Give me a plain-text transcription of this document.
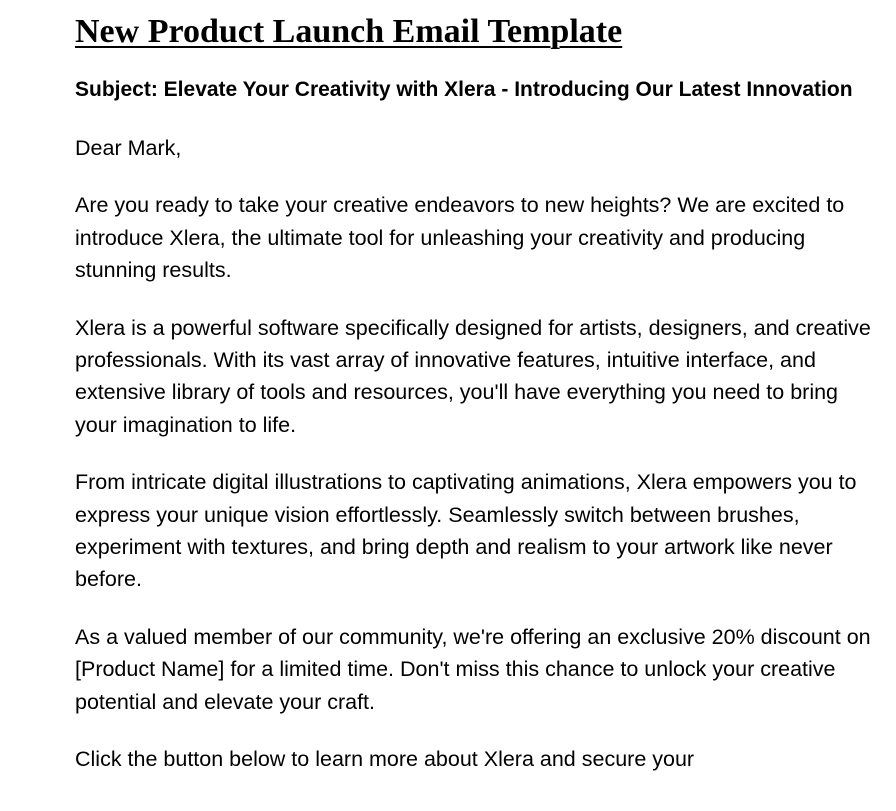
New Product Launch Email Template
Subject: Elevate Your Creativity with Xlera - Introducing Our Latest Innovation
Dear Mark,
Are you ready to take your creative endeavors to new heights? We are excited to introduce Xlera, the ultimate tool for unleashing your creativity and producing stunning results.
Xlera is a powerful software specifically designed for artists, designers, and creative professionals. With its vast array of innovative features, intuitive interface, and extensive library of tools and resources, you'll have everything you need to bring your imagination to life.
From intricate digital illustrations to captivating animations, Xlera empowers you to express your unique vision effortlessly. Seamlessly switch between brushes, experiment with textures, and bring depth and realism to your artwork like never before.
As a valued member of our community, we're offering an exclusive 20% discount on [Product Name] for a limited time. Don't miss this chance to unlock your creative potential and elevate your craft.
Click the button below to learn more about Xlera and secure your
